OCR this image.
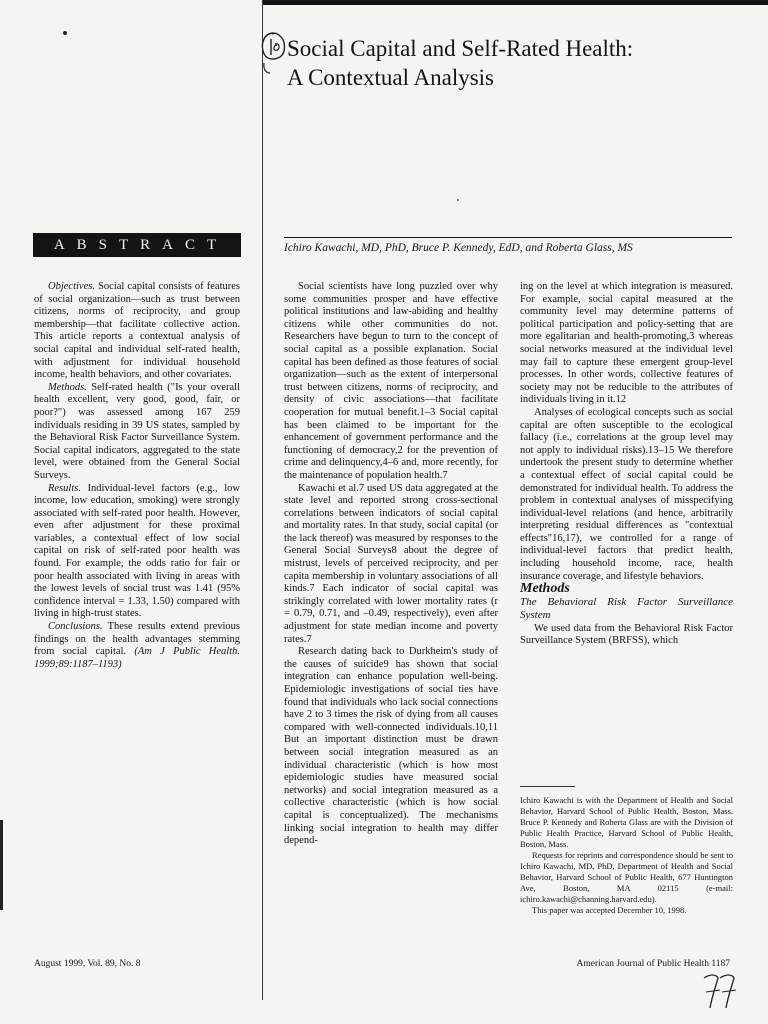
Social Capital and Self-Rated Health:
A Contextual Analysis
ABSTRACT	Ichiro Kawachi, MD, PhD, Bruce P. Kennedy, EdD, and Roberta Glass, MS

Objectives. Social capital consists of features of social organization—such as trust between citizens, norms of reciprocity, and group membership—that facilitate collective action. This article reports a contextual analysis of social capital and individual self-rated health, with adjustment for individual household income, health behaviors, and other covariates.

Methods. Self-rated health ("Is your overall health excellent, very good, good, fair, or poor?") was assessed among 167 259 individuals residing in 39 US states, sampled by the Behavioral Risk Factor Surveillance System. Social capital indicators, aggregated to the state level, were obtained from the General Social Surveys.

Results. Individual-level factors (e.g., low income, low education, smoking) were strongly associated with self-rated poor health. However, even after adjustment for these proximal variables, a contextual effect of low social capital on risk of self-rated poor health was found. For example, the odds ratio for fair or poor health associated with living in areas with the lowest levels of social trust was 1.41 (95% confidence interval = 1.33, 1.50) compared with living in high-trust states.

Conclusions. These results extend previous findings on the health advantages stemming from social capital. (Am J Public Health. 1999;89:1187–1193)

Social scientists have long puzzled over why some communities prosper and have effective political institutions and law-abiding and healthy citizens while other communities do not. Researchers have begun to turn to the concept of social capital as a possible explanation. Social capital has been defined as those features of social organization—such as the extent of interpersonal trust between citizens, norms of reciprocity, and density of civic associations—that facilitate cooperation for mutual benefit.1–3 Social capital has been claimed to be important for the enhancement of government performance and the functioning of democracy,2 for the prevention of crime and delinquency,4–6 and, more recently, for the maintenance of population health.7

Kawachi et al.7 used US data aggregated at the state level and reported strong cross-sectional correlations between indicators of social capital and mortality rates. In that study, social capital (or the lack thereof) was measured by responses to the General Social Surveys8 about the degree of mistrust, levels of perceived reciprocity, and per capita membership in voluntary associations of all kinds.7 Each indicator of social capital was strikingly correlated with lower mortality rates (r = 0.79, 0.71, and –0.49, respectively), even after adjustment for state median income and poverty rates.7

Research dating back to Durkheim's study of the causes of suicide9 has shown that social integration can enhance population well-being. Epidemiologic investigations of social ties have found that individuals who lack social connections have 2 to 3 times the risk of dying from all causes compared with well-connected individuals.10,11 But an important distinction must be drawn between social integration measured as an individual characteristic (which is how most epidemiologic studies have measured social networks) and social integration measured as a collective characteristic (which is how social capital is conceptualized). The mechanisms linking social integration to health may differ depend-

ing on the level at which integration is measured. For example, social capital measured at the community level may determine patterns of political participation and policy-setting that are more egalitarian and health-promoting,3 whereas social networks measured at the individual level may fail to capture these emergent group-level processes. In other words, collective features of society may not be reducible to the attributes of individuals living in it.12

Analyses of ecological concepts such as social capital are often susceptible to the ecological fallacy (i.e., correlations at the group level may not apply to individual risks).13–15 We therefore undertook the present study to determine whether a contextual effect of social capital could be demonstrated for individual health. To address the problem in contextual analyses of misspecifying individual-level relations (and hence, arbitrarily interpreting residual differences as "contextual effects"16,17), we controlled for a range of individual-level factors that predict health, including household income, race, health insurance coverage, and lifestyle behaviors.

Methods

The Behavioral Risk Factor Surveillance System

We used data from the Behavioral Risk Factor Surveillance System (BRFSS), which

Ichiro Kawachi is with the Department of Health and Social Behavior, Harvard School of Public Health, Boston, Mass. Bruce P. Kennedy and Roberta Glass are with the Division of Public Health Practice, Harvard School of Public Health, Boston, Mass.

Requests for reprints and correspondence should be sent to Ichiro Kawachi, MD, PhD, Department of Health and Social Behavior, Harvard School of Public Health, 677 Huntington Ave, Boston, MA 02115 (e-mail: ichiro.kawachi@channing.harvard.edu).

This paper was accepted December 10, 1998.

August 1999, Vol. 89, No. 8	American Journal of Public Health 1187
